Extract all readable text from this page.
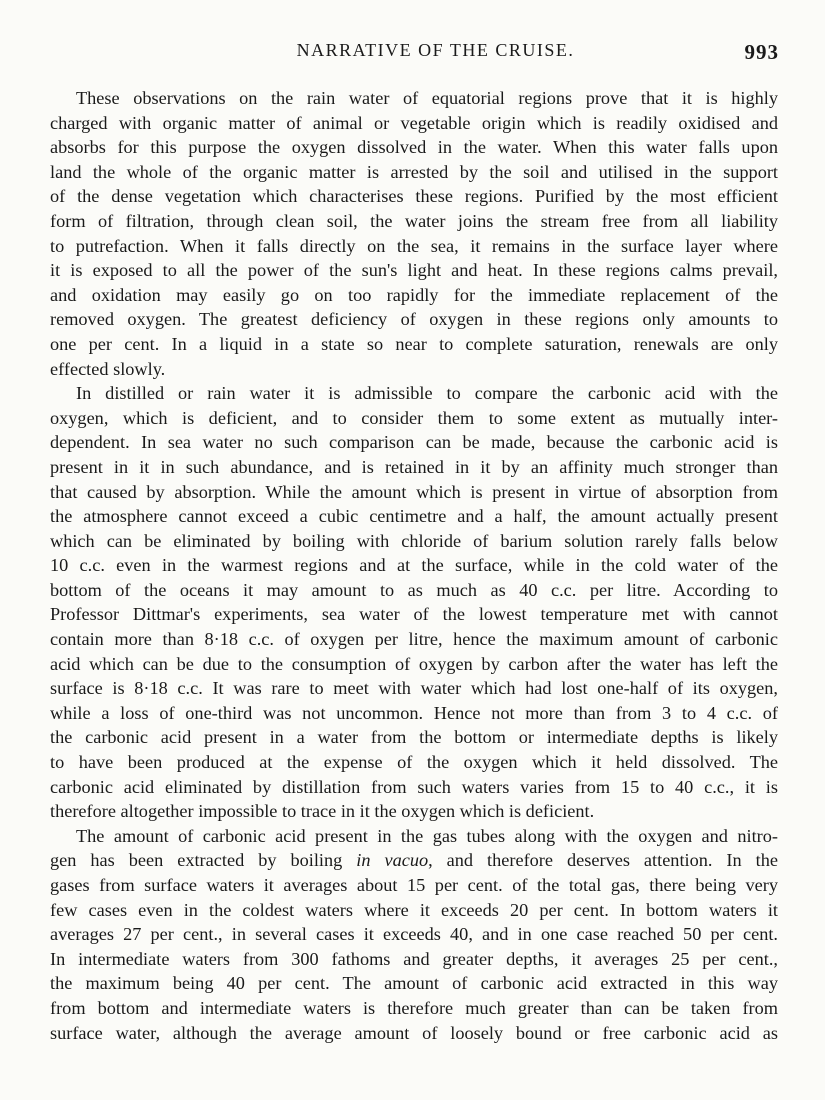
NARRATIVE OF THE CRUISE.	993
These observations on the rain water of equatorial regions prove that it is highly
charged with organic matter of animal or vegetable origin which is readily oxidised and
absorbs for this purpose the oxygen dissolved in the water. When this water falls upon
land the whole of the organic matter is arrested by the soil and utilised in the support
of the dense vegetation which characterises these regions. Purified by the most efficient
form of filtration, through clean soil, the water joins the stream free from all liability
to putrefaction. When it falls directly on the sea, it remains in the surface layer where
it is exposed to all the power of the sun's light and heat. In these regions calms prevail,
and oxidation may easily go on too rapidly for the immediate replacement of the
removed oxygen. The greatest deficiency of oxygen in these regions only amounts to
one per cent. In a liquid in a state so near to complete saturation, renewals are only
effected slowly.
In distilled or rain water it is admissible to compare the carbonic acid with the
oxygen, which is deficient, and to consider them to some extent as mutually inter-
dependent. In sea water no such comparison can be made, because the carbonic acid is
present in it in such abundance, and is retained in it by an affinity much stronger than
that caused by absorption. While the amount which is present in virtue of absorption from
the atmosphere cannot exceed a cubic centimetre and a half, the amount actually present
which can be eliminated by boiling with chloride of barium solution rarely falls below
10 c.c. even in the warmest regions and at the surface, while in the cold water of the
bottom of the oceans it may amount to as much as 40 c.c. per litre. According to
Professor Dittmar's experiments, sea water of the lowest temperature met with cannot
contain more than 8·18 c.c. of oxygen per litre, hence the maximum amount of carbonic
acid which can be due to the consumption of oxygen by carbon after the water has left the
surface is 8·18 c.c. It was rare to meet with water which had lost one-half of its oxygen,
while a loss of one-third was not uncommon. Hence not more than from 3 to 4 c.c. of
the carbonic acid present in a water from the bottom or intermediate depths is likely
to have been produced at the expense of the oxygen which it held dissolved. The
carbonic acid eliminated by distillation from such waters varies from 15 to 40 c.c., it is
therefore altogether impossible to trace in it the oxygen which is deficient.
The amount of carbonic acid present in the gas tubes along with the oxygen and nitro-
gen has been extracted by boiling in vacuo, and therefore deserves attention. In the
gases from surface waters it averages about 15 per cent. of the total gas, there being very
few cases even in the coldest waters where it exceeds 20 per cent. In bottom waters it
averages 27 per cent., in several cases it exceeds 40, and in one case reached 50 per cent.
In intermediate waters from 300 fathoms and greater depths, it averages 25 per cent.,
the maximum being 40 per cent. The amount of carbonic acid extracted in this way
from bottom and intermediate waters is therefore much greater than can be taken from
surface water, although the average amount of loosely bound or free carbonic acid as
